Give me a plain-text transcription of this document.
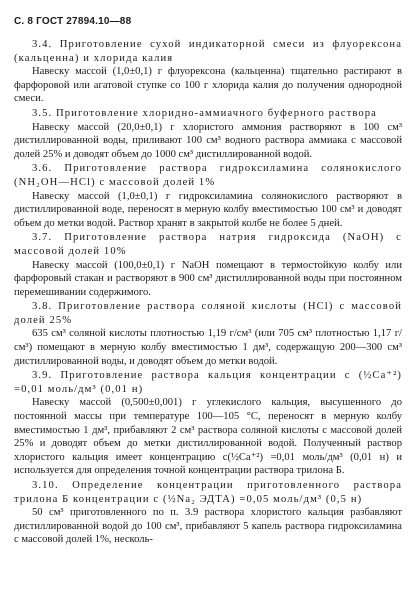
С. 8 ГОСТ 27894.10—88

3.4. Приготовление сухой индикаторной смеси из флуорексона (кальценна) и хлорида калия

Навеску массой (1,0±0,1) г флуорексона (кальценна) тщательно растирают в фарфоровой или агатовой ступке со 100 г хлорида калия до получения однородной смеси.

3.5. Приготовление хлоридно-аммиачного буферного раствора

Навеску массой (20,0±0,1) г хлористого аммония растворяют в 100 см³ дистиллированной воды, приливают 100 см³ водного раствора аммиака с массовой долей 25% и доводят объем до 1000 см³ дистиллированной водой.

3.6. Приготовление раствора гидроксиламина солянокислого (NH₂OH—HCl) с массовой долей 1%

Навеску массой (1,0±0,1) г гидроксиламина солянокислого растворяют в дистиллированной воде, переносят в мерную колбу вместимостью 100 см³ и доводят объем до метки водой. Раствор хранят в закрытой колбе не более 5 дней.

3.7. Приготовление раствора натрия гидроксида (NaOH) с массовой долей 10%

Навеску массой (100,0±0,1) г NaOH помещают в термостойкую колбу или фарфоровый стакан и растворяют в 900 см³ дистиллированной воды при постоянном перемешивании содержимого.

3.8. Приготовление раствора соляной кислоты (HCl) с массовой долей 25%

635 см³ соляной кислоты плотностью 1,19 г/см³ (или 705 см³ плотностью 1,17 г/см³) помещают в мерную колбу вместимостью 1 дм³, содержащую 200—300 см³ дистиллированной воды, и доводят объем до метки водой.

3.9. Приготовление раствора кальция концентрации c (½Ca⁺²) =0,01 моль/дм³ (0,01 н)

Навеску массой (0,500±0,001) г углекислого кальция, высушенного до постоянной массы при температуре 100—105 °С, переносят в мерную колбу вместимостью 1 дм³, прибавляют 2 см³ раствора соляной кислоты с массовой долей 25% и доводят объем до метки дистиллированной водой. Полученный раствор хлористого кальция имеет концентрацию c(½Ca⁺²) =0,01 моль/дм³ (0,01 н) и используется для определения точной концентрации раствора трилона Б.

3.10. Определение концентрации приготовленного раствора трилона Б концентрации c (½Na₂ ЭДТА) =0,05 моль/дм³ (0,5 н)

50 см³ приготовленного по п. 3.9 раствора хлористого кальция разбавляют дистиллированной водой до 100 см³, прибавляют 5 капель раствора гидроксиламина с массовой долей 1%, несколь-
